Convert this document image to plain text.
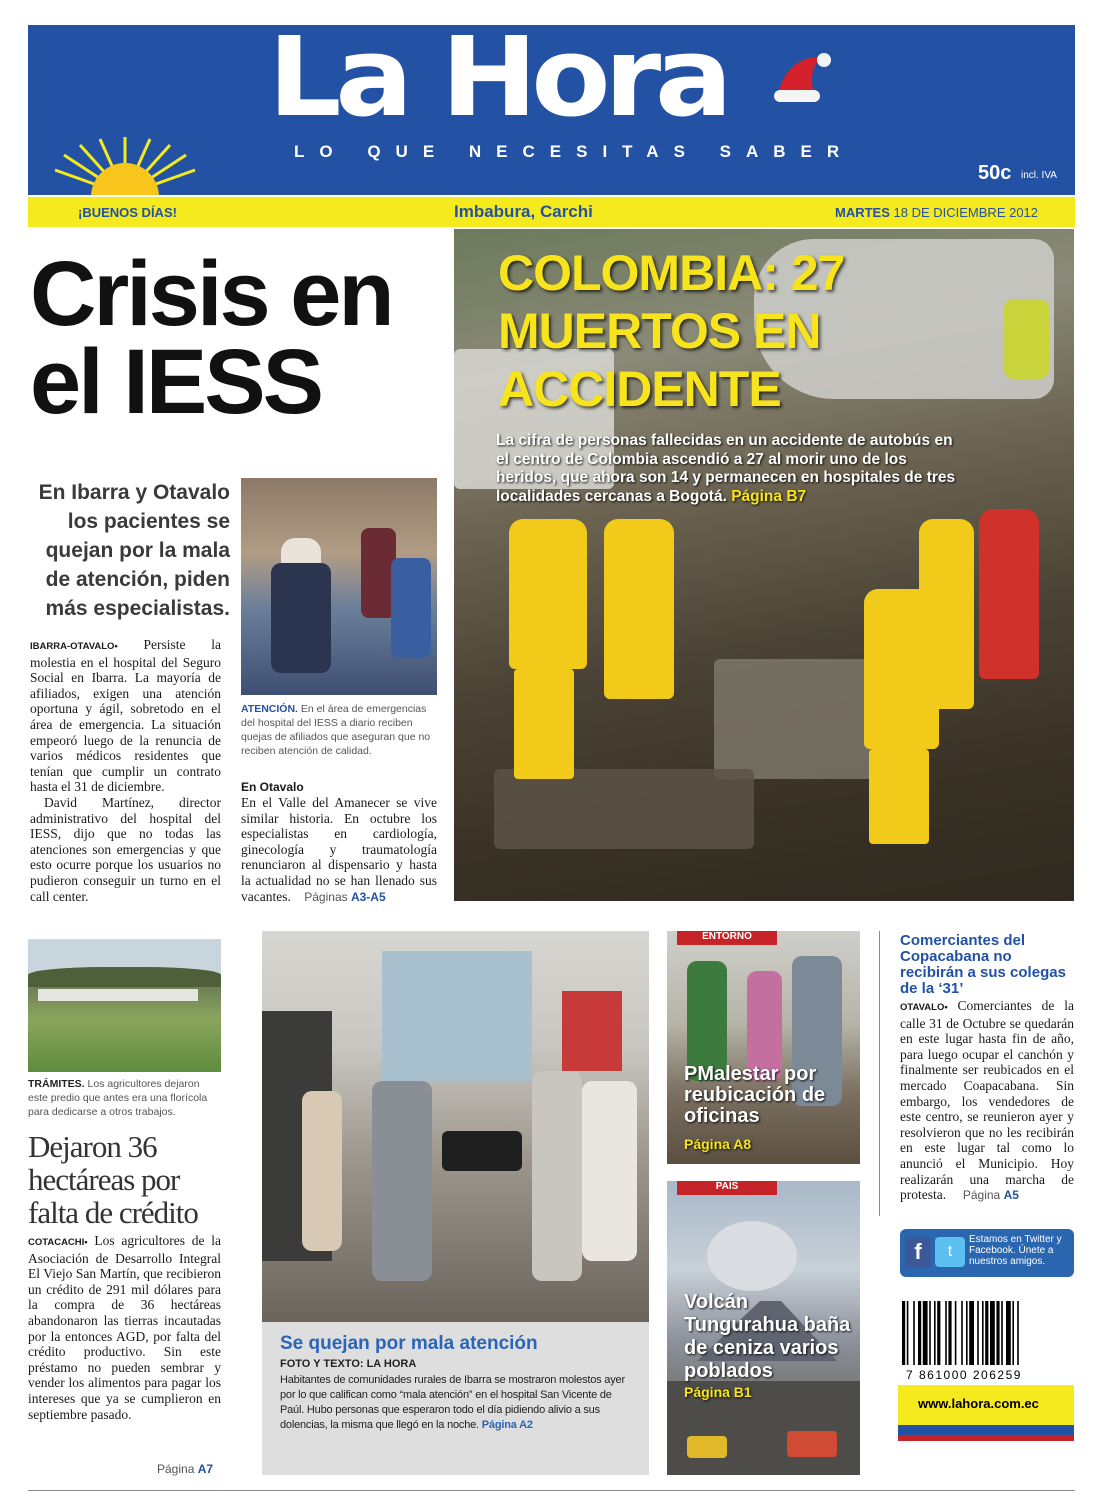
La Hora
LO QUE NECESITAS SABER
50c incl. IVA
¡BUENOS DÍAS!	Imbabura, Carchi	MARTES 18 DE DICIEMBRE 2012
Crisis en
el IESS
En Ibarra y Otavalo los pacientes se quejan por la mala de atención, piden más especialistas.
ATENCIÓN. En el área de emergencias del hospital del IESS a diario reciben quejas de afiliados que aseguran que no reciben atención de calidad.

IBARRA-OTAVALO• Persiste la molestia en el hospital del Seguro Social en Ibarra. La mayoría de afiliados, exigen una atención oportuna y ágil, sobretodo en el área de emergencia. La situación empeoró luego de la renuncia de varios médicos residentes que tenían que cumplir un contrato hasta el 31 de diciembre.

David Martínez, director administrativo del hospital del IESS, dijo que no todas las atenciones son emergencias y que esto ocurre porque los usuarios no pudieron conseguir un turno en el call center.

En Otavalo
En el Valle del Amanecer se vive similar historia. En octubre los especialistas en cardiología, ginecología y traumatología renunciaron al dispensario y hasta la actualidad no se han llenado sus vacantes. Páginas A3-A5
COLOMBIA: 27
MUERTOS EN
ACCIDENTE
La cifra de personas fallecidas en un accidente de autobús en el centro de Colombia ascendió a 27 al morir uno de los heridos, que ahora son 14 y permanecen en hospitales de tres localidades cercanas a Bogotá. Página B7
TRÁMITES. Los agricultores dejaron este predio que antes era una florícola para dedicarse a otros trabajos.
Dejaron 36 hectáreas por falta de crédito
COTACACHI• Los agricultores de la Asociación de Desarrollo Integral El Viejo San Martín, que recibieron un crédito de 291 mil dólares para la compra de 36 hectáreas abandonaron las tierras incautadas por la entonces AGD, por falta del crédito productivo. Sin este préstamo no pueden sembrar y vender los alimentos para pagar los intereses que ya se cumplieron en septiembre pasado.
Página A7
Se quejan por mala atención
FOTO Y TEXTO: LA HORA
Habitantes de comunidades rurales de Ibarra se mostraron molestos ayer por lo que califican como “mala atención” en el hospital San Vicente de Paúl. Hubo personas que esperaron todo el día pidiendo alivio a sus dolencias, la misma que llegó en la noche. Página A2
ENTORNO
PMalestar por reubicación de oficinas
Página A8
PAÍS
Volcán Tungurahua baña de ceniza varios poblados
Página B1
Comerciantes del Copacabana no recibirán a sus colegas de la ‘31’
OTAVALO• Comerciantes de la calle 31 de Octubre se quedarán en este lugar hasta fin de año, para luego ocupar el canchón y finalmente ser reubicados en el mercado Coapacabana. Sin embargo, los vendedores de este centro, se reunieron ayer y resolvieron que no les recibirán en este lugar tal como lo anunció el Municipio. Hoy realizarán una marcha de protesta. Página A5
f	t
Estamos en Twitter y Facebook. Únete a nuestros amigos.
7 861000 206259
www.lahora.com.ec
